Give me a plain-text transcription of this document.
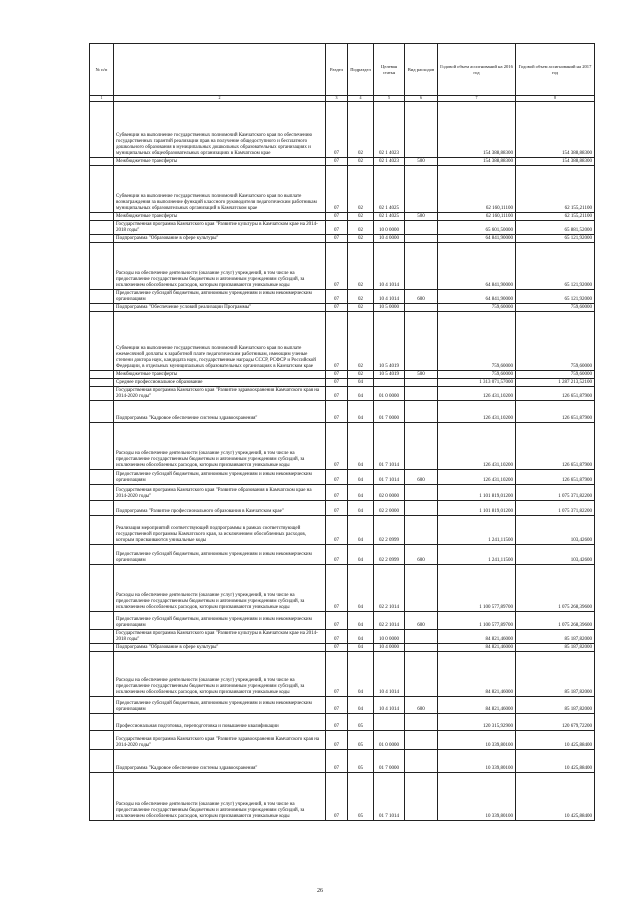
№ п/п		Раздел	Подраздел	Целевая статья	Вид расходов	Годовой объем ассигнований на 2016 год	Годовой объем ассигнований на 2017 год
1	2	3	4	5	6	7	8
	Субвенции на выполнение государственных полномочий Камчатского края по обеспечению государственных гарантий реализации прав на получение общедоступного и бесплатного дошкольного образования в муниципальных дошкольных образовательных организациях и муниципальных общеобразовательных организациях в Камчатском крае	07	02	02 1 4023		154 388,88300	154 388,88300
	Межбюджетные трансферты	07	02	02 1 4023	500	154 388,88300	154 388,88300
	Субвенции на выполнение государственных полномочий Камчатского края по выплате вознаграждения за выполнение функций классного руководителя педагогическим работникам муниципальных образовательных организаций в Камчатском крае	07	02	02 1 4025		62 160,11100	62 155,21100
	Межбюджетные трансферты	07	02	02 1 4025	500	62 160,11100	62 155,21100
	Государственная программа Камчатского края "Развитие культуры в Камчатском крае на 2014-2018 годы"	07	02	10 0 0000		65 601,50000	65 881,52000
	Подпрограмма "Образование в сфере культуры"	07	02	10 4 0000		64 841,90000	65 121,92000
	Расходы на обеспечение деятельности (оказание услуг) учреждений, в том числе на предоставление государственным бюджетным и автономным учреждениям субсидий, за исключением обособленных расходов, которым присваиваются уникальные коды	07	02	10 4 1014		64 841,90000	65 121,92000
	Предоставление субсидий бюджетным, автономным учреждениям и иным некоммерческим организациям	07	02	10 4 1014	600	64 841,90000	65 121,92000
	Подпрограмма "Обеспечение условий реализации Программы"	07	02	10 5 0000		759,60000	759,60000
	Субвенции на выполнение государственных полномочий Камчатского края по выплате ежемесячной доплаты к заработной плате педагогическим работникам, имеющим ученые степени доктора наук, кандидата наук, государственные награды СССР, РСФСР и Российской Федерации, в отдельных муниципальных образовательных организациях в Камчатском крае	07	02	10 5 4019		759,60000	759,60000
	Межбюджетные трансферты	07	02	10 5 4019	500	759,60000	759,60000
	Среднее профессиональное образование	07	04			1 313 071,57000	1 287 213,52100
	Государственная программа Камчатского края "Развитие здравоохранения Камчатского края на 2014-2020 годы"	07	04	01 0 0000		126 431,10200	126 651,87900
	Подпрограмма "Кадровое обеспечение системы здравоохранения"	07	04	01 7 0000		126 431,10200	126 651,87900
	Расходы на обеспечение деятельности (оказание услуг) учреждений, в том числе на предоставление государственным бюджетным и автономным учреждениям субсидий, за исключением обособленных расходов, которым присваиваются уникальные коды	07	04	01 7 1014		126 431,10200	126 651,87900
	Предоставление субсидий бюджетным, автономным учреждениям и иным некоммерческим организациям	07	04	01 7 1014	600	126 431,10200	126 651,87900
	Государственная программа Камчатского края "Развитие образования в Камчатском крае на 2014-2020 годы"	07	04	02 0 0000		1 101 819,01200	1 075 371,82200
	Подпрограмма "Развитие профессионального образования в Камчатском крае"	07	04	02 2 0000		1 101 819,01200	1 075 371,82200
	Реализация мероприятий соответствующей подпрограммы в рамках соответствующей государственной программы Камчатского края, за исключением обособленных расходов, которым присваиваются уникальные коды	07	04	02 2 0999		1 241,11500	103,42600
	Предоставление субсидий бюджетным, автономным учреждениям и иным некоммерческим организациям	07	04	02 2 0999	600	1 241,11500	103,42600
	Расходы на обеспечение деятельности (оказание услуг) учреждений, в том числе на предоставление государственным бюджетным и автономным учреждениям субсидий, за исключением обособленных расходов, которым присваиваются уникальные коды	07	04	02 2 1014		1 100 577,89700	1 075 268,39600
	Предоставление субсидий бюджетным, автономным учреждениям и иным некоммерческим организациям	07	04	02 2 1014	600	1 100 577,89700	1 075 268,39600
	Государственная программа Камчатского края "Развитие культуры в Камчатском крае на 2014-2018 годы"	07	04	10 0 0000		84 821,46000	85 187,82000
	Подпрограмма "Образование в сфере культуры"	07	04	10 4 0000		84 821,46000	85 187,82000
	Расходы на обеспечение деятельности (оказание услуг) учреждений, в том числе на предоставление государственным бюджетным и автономным учреждениям субсидий, за исключением обособленных расходов, которым присваиваются уникальные коды	07	04	10 4 1014		84 821,46000	85 187,82000
	Предоставление субсидий бюджетным, автономным учреждениям и иным некоммерческим организациям	07	04	10 4 1014	600	84 821,46000	85 187,82000
	Профессиональная подготовка, переподготовка и повышение квалификации	07	05			120 315,92900	120 679,72200
	Государственная программа Камчатского края "Развитие здравоохранения Камчатского края на 2014-2020 годы"	07	05	01 0 0000		10 339,80100	10 425,88400
	Подпрограмма "Кадровое обеспечение системы здравоохранения"	07	05	01 7 0000		10 339,80100	10 425,88400
	Расходы на обеспечение деятельности (оказание услуг) учреждений, в том числе на предоставление государственным бюджетным и автономным учреждениям субсидий, за исключением обособленных расходов, которым присваиваются уникальные коды	07	05	01 7 1014		10 339,80100	10 425,88400
26
